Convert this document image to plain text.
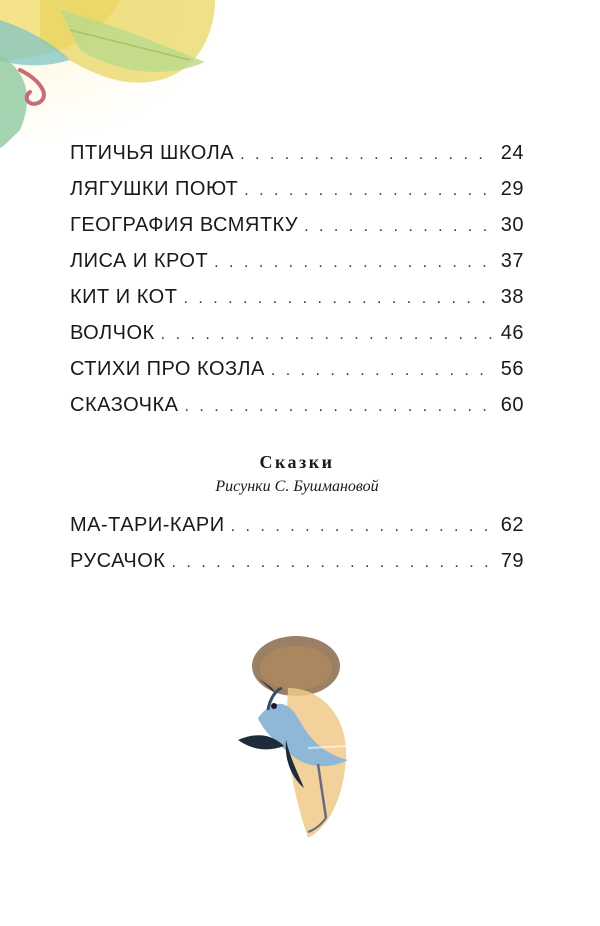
ПТИЧЬЯ ШКОЛА . . .	24
ЛЯГУШКИ ПОЮТ . . .	29
ГЕОГРАФИЯ ВСМЯТКУ . . .	30
ЛИСА И КРОТ . . .	37
КИТ И КОТ . . .	38
ВОЛЧОК . . .	46
СТИХИ ПРО КОЗЛА . . .	56
СКАЗОЧКА . . .	60
Сказки
Рисунки С. Бушмановой
МА-ТАРИ-КАРИ . . .	62
РУСАЧОК . . .	79
